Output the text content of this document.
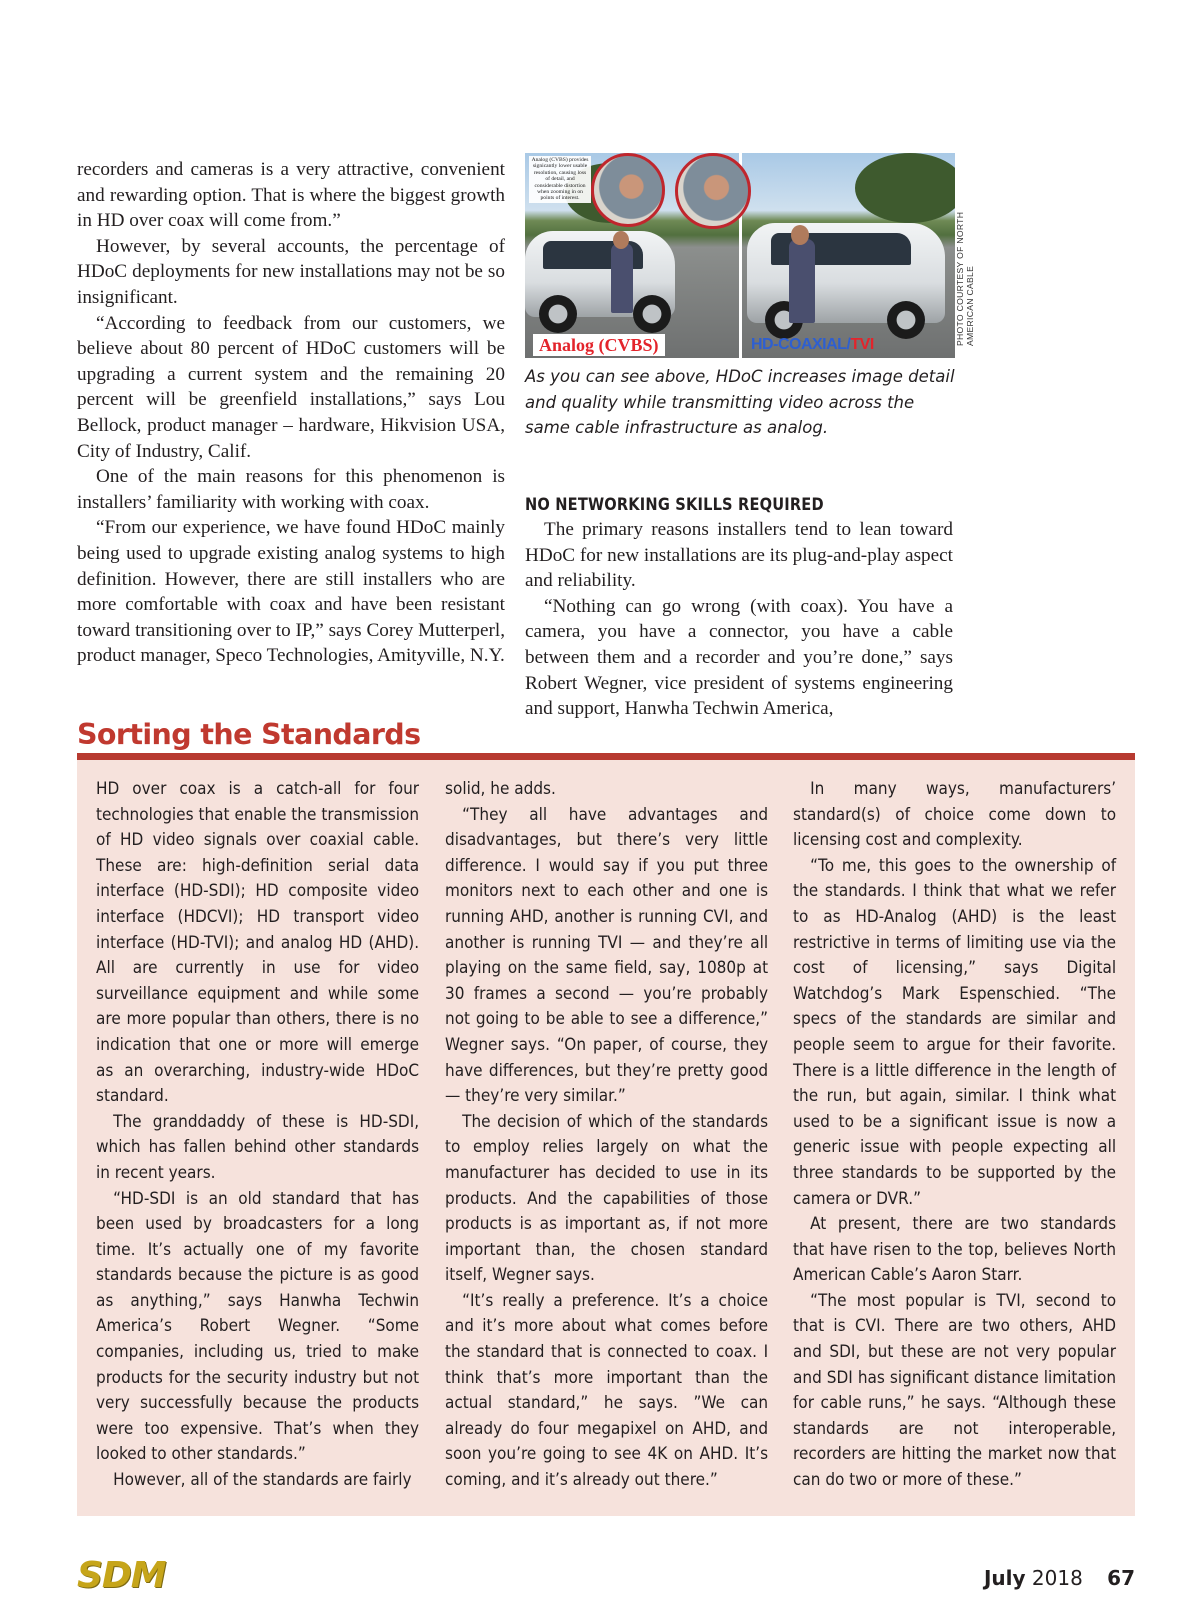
recorders and cameras is a very attractive, convenient and rewarding option. That is where the biggest growth in HD over coax will come from.”

However, by several accounts, the percentage of HDoC deployments for new installations may not be so insignificant.

“According to feedback from our customers, we believe about 80 percent of HDoC customers will be upgrading a current system and the remaining 20 percent will be greenfield installations,” says Lou Bellock, product manager – hardware, Hikvision USA, City of Industry, Calif.

One of the main reasons for this phenomenon is installers’ familiarity with working with coax.

“From our experience, we have found HDoC mainly being used to upgrade existing analog systems to high definition. However, there are still installers who are more comfortable with coax and have been resistant toward transitioning over to IP,” says Corey Mutterperl, product manager, Speco Technologies, Amityville, N.Y.

Analog (CVBS) provides signicantly lower usable resolution, causing loss of detail, and considerable distortion when zooming in on points of interest.
Analog (CVBS)	HD-COAXIAL/TVI	PHOTO COURTESY OF NORTH AMERICAN CABLE
As you can see above, HDoC increases image detail and quality while transmitting video across the same cable infrastructure as analog.

NO NETWORKING SKILLS REQUIRED

The primary reasons installers tend to lean toward HDoC for new installations are its plug-and-play aspect and reliability.

“Nothing can go wrong (with coax). You have a camera, you have a connector, you have a cable between them and a recorder and you’re done,” says Robert Wegner, vice president of systems engineering and support, Hanwha Techwin America,

Sorting the Standards

HD over coax is a catch-all for four technologies that enable the transmission of HD video signals over coaxial cable. These are: high-definition serial data interface (HD-SDI); HD composite video interface (HDCVI); HD transport video interface (HD-TVI); and analog HD (AHD). All are currently in use for video surveillance equipment and while some are more popular than others, there is no indication that one or more will emerge as an overarching, industry-wide HDoC standard.

The granddaddy of these is HD-SDI, which has fallen behind other standards in recent years.

“HD-SDI is an old standard that has been used by broadcasters for a long time. It’s actually one of my favorite standards because the picture is as good as anything,” says Hanwha Techwin America’s Robert Wegner. “Some companies, including us, tried to make products for the security industry but not very successfully because the products were too expensive. That’s when they looked to other standards.”

However, all of the standards are fairly

solid, he adds.

“They all have advantages and disadvantages, but there’s very little difference. I would say if you put three monitors next to each other and one is running AHD, another is running CVI, and another is running TVI — and they’re all playing on the same field, say, 1080p at 30 frames a second — you’re probably not going to be able to see a difference,” Wegner says. “On paper, of course, they have differences, but they’re pretty good — they’re very similar.”

The decision of which of the standards to employ relies largely on what the manufacturer has decided to use in its products. And the capabilities of those products is as important as, if not more important than, the chosen standard itself, Wegner says.

“It’s really a preference. It’s a choice and it’s more about what comes before the standard that is connected to coax. I think that’s more important than the actual standard,” he says. ”We can already do four megapixel on AHD, and soon you’re going to see 4K on AHD. It’s coming, and it’s already out there.”

In many ways, manufacturers’ standard(s) of choice come down to licensing cost and complexity.

“To me, this goes to the ownership of the standards. I think that what we refer to as HD-Analog (AHD) is the least restrictive in terms of limiting use via the cost of licensing,” says Digital Watchdog’s Mark Espenschied. “The specs of the standards are similar and people seem to argue for their favorite. There is a little difference in the length of the run, but again, similar. I think what used to be a significant issue is now a generic issue with people expecting all three standards to be supported by the camera or DVR.”

At present, there are two standards that have risen to the top, believes North American Cable’s Aaron Starr.

“The most popular is TVI, second to that is CVI. There are two others, AHD and SDI, but these are not very popular and SDI has significant distance limitation for cable runs,” he says. “Although these standards are not interoperable, recorders are hitting the market now that can do two or more of these.”

SDM	July 2018 67
